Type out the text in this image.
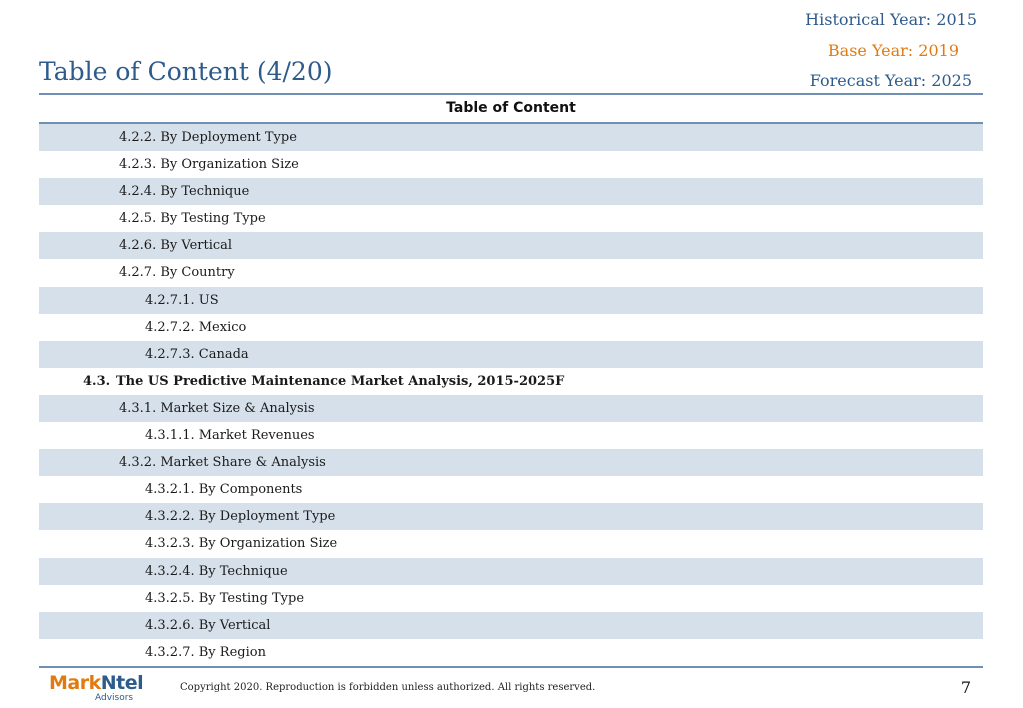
Historical Year: 2015
Base Year: 2019
Forecast Year: 2025
Table of Content (4/20)
Table of Content
4.2.2. By Deployment Type
4.2.3. By Organization Size
4.2.4. By Technique
4.2.5. By Testing Type
4.2.6. By Vertical
4.2.7. By Country
4.2.7.1. US
4.2.7.2. Mexico
4.2.7.3. Canada
4.3. The US Predictive Maintenance Market Analysis, 2015-2025F
4.3.1. Market Size & Analysis
4.3.1.1. Market Revenues
4.3.2. Market Share & Analysis
4.3.2.1. By Components
4.3.2.2. By Deployment Type
4.3.2.3. By Organization Size
4.3.2.4. By Technique
4.3.2.5. By Testing Type
4.3.2.6. By Vertical
4.3.2.7. By Region
MarkNtel
Advisors
Copyright 2020. Reproduction is forbidden unless authorized. All rights reserved.	7
